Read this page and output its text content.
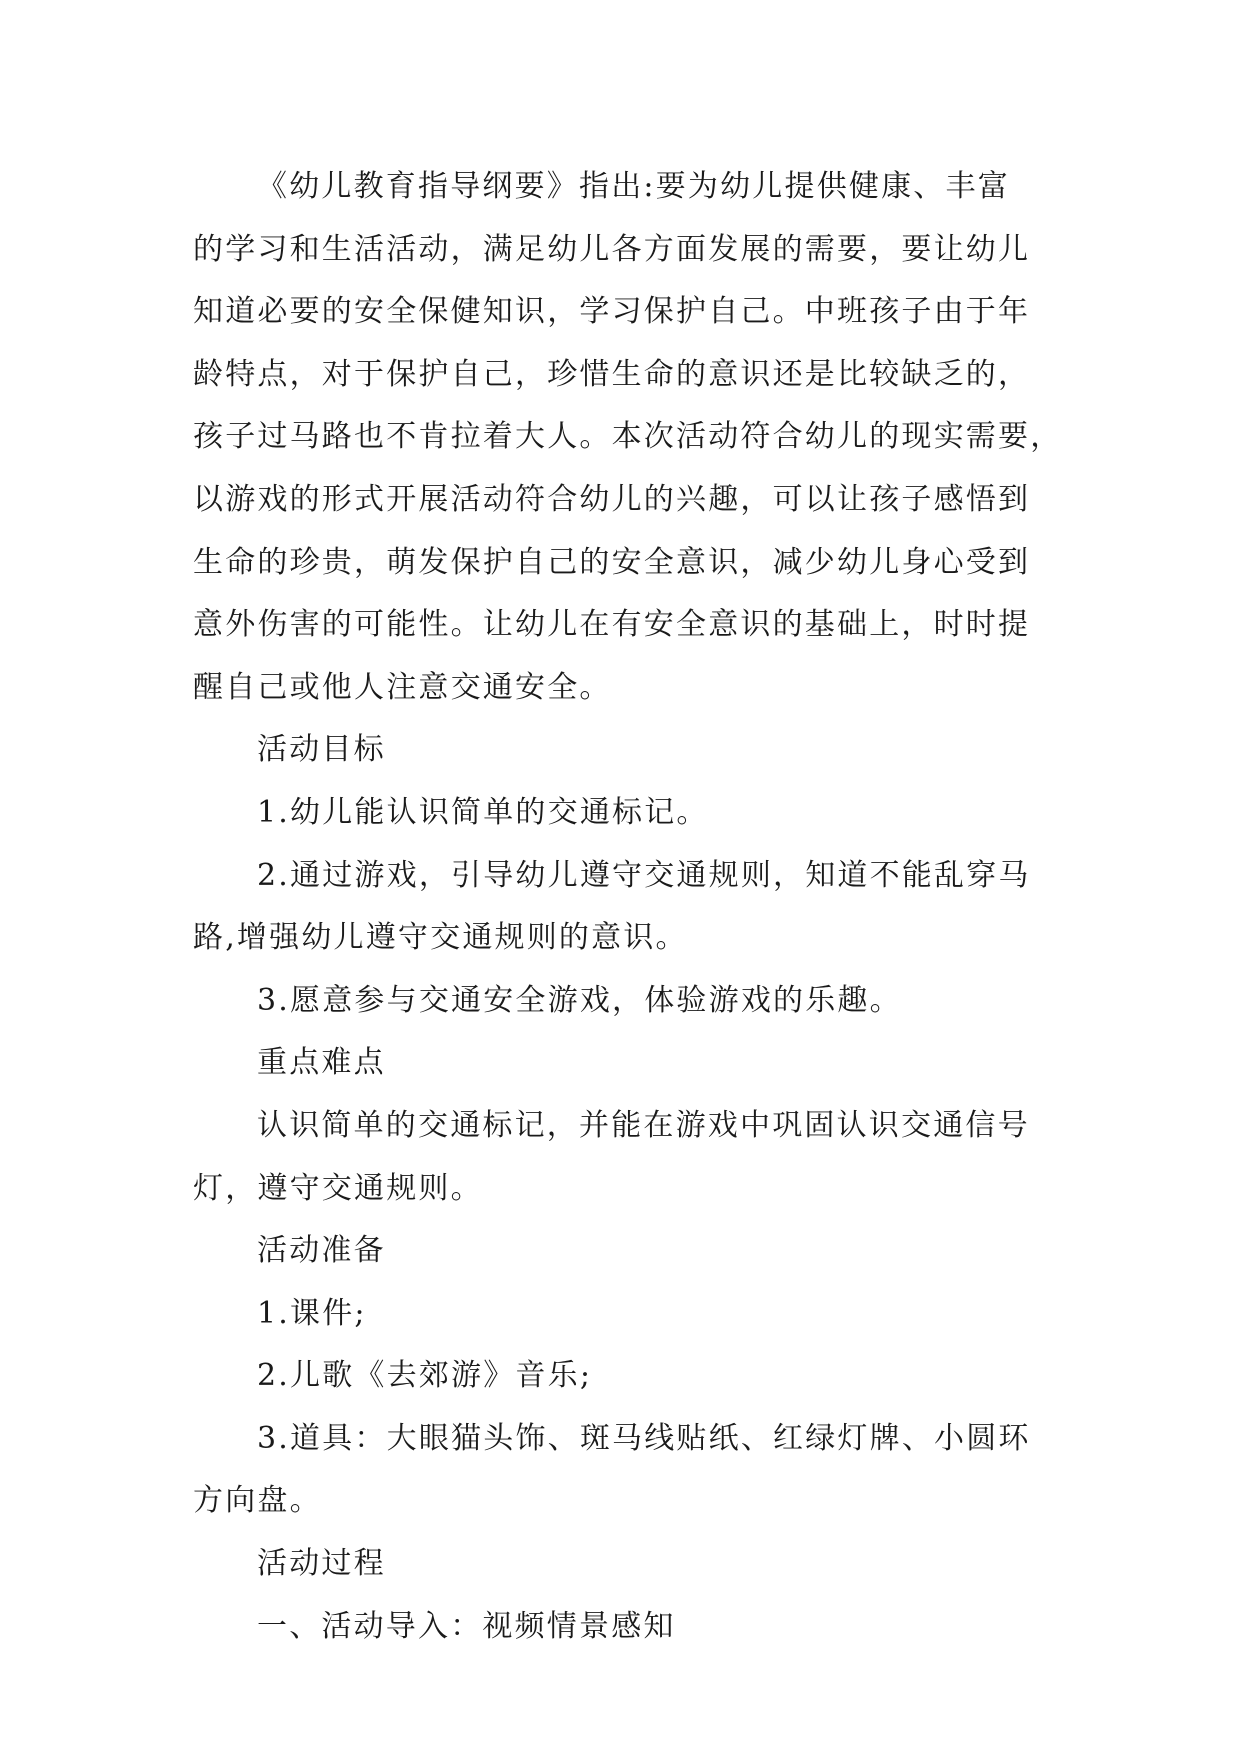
《幼儿教育指导纲要》指出:要为幼儿提供健康、丰富
的学习和生活活动，满足幼儿各方面发展的需要，要让幼儿
知道必要的安全保健知识，学习保护自己。中班孩子由于年
龄特点，对于保护自己，珍惜生命的意识还是比较缺乏的，
孩子过马路也不肯拉着大人。本次活动符合幼儿的现实需要，
以游戏的形式开展活动符合幼儿的兴趣，可以让孩子感悟到
生命的珍贵，萌发保护自己的安全意识，减少幼儿身心受到
意外伤害的可能性。让幼儿在有安全意识的基础上，时时提
醒自己或他人注意交通安全。
活动目标
1.幼儿能认识简单的交通标记。
2.通过游戏，引导幼儿遵守交通规则，知道不能乱穿马
路,增强幼儿遵守交通规则的意识。
3.愿意参与交通安全游戏，体验游戏的乐趣。
重点难点
认识简单的交通标记，并能在游戏中巩固认识交通信号
灯，遵守交通规则。
活动准备
1.课件;
2.儿歌《去郊游》音乐;
3.道具：大眼猫头饰、斑马线贴纸、红绿灯牌、小圆环
方向盘。
活动过程
一、活动导入：视频情景感知
